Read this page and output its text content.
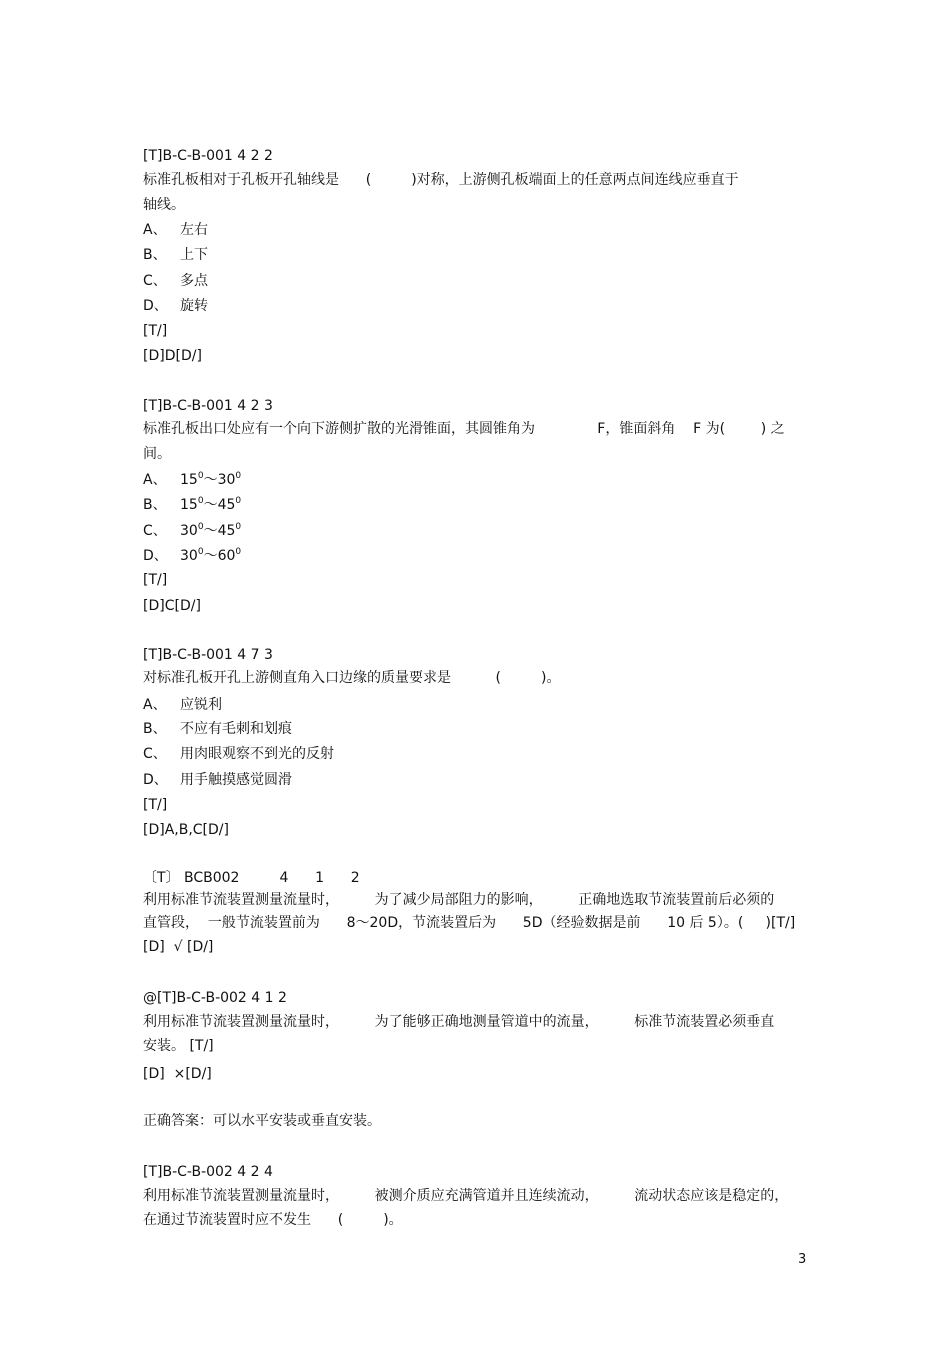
[T]B-C-B-001 4 2 2
标准孔板相对于孔板开孔轴线是      (         )对称，上游侧孔板端面上的任意两点间连线应垂直于
轴线。
A、 左右
B、 上下
C、 多点
D、 旋转
[T/]
[D]D[D/]
[T]B-C-B-001 4 2 3
标准孔板出口处应有一个向下游侧扩散的光滑锥面，其圆锥角为              F，锥面斜角    F 为(        ) 之
间。
A、 $15^0\sim 30^0$
B、 $15^0\sim 45^0$
C、 $30^0\sim 45^0$
D、 $30^0\sim 60^0$
[T/]
[D]C[D/]
[T]B-C-B-001 4 7 3
对标准孔板开孔上游侧直角入口边缘的质量要求是          (         )。
A、 应锐利
B、 不应有毛刺和划痕
C、 用肉眼观察不到光的反射
D、 用手触摸感觉圆滑
[T/]
[D]A,B,C[D/]
〔T〕 BCB002         4      1      2
利用标准节流装置测量流量时，        为了减少局部阻力的影响，        正确地选取节流装置前后必须的
直管段，  一般节流装置前为      8～20D，节流装置后为      5D（经验数据是前      10 后 5）。(     )[T/]
[D]  √ [D/]
@[T]B-C-B-002 4 1 2
利用标准节流装置测量流量时，        为了能够正确地测量管道中的流量，        标准节流装置必须垂直
安装。 [T/]
[D]  ×[D/]
正确答案：可以水平安装或垂直安装。
[T]B-C-B-002 4 2 4
利用标准节流装置测量流量时，        被测介质应充满管道并且连续流动，        流动状态应该是稳定的，
在通过节流装置时应不发生      (         )。
3
